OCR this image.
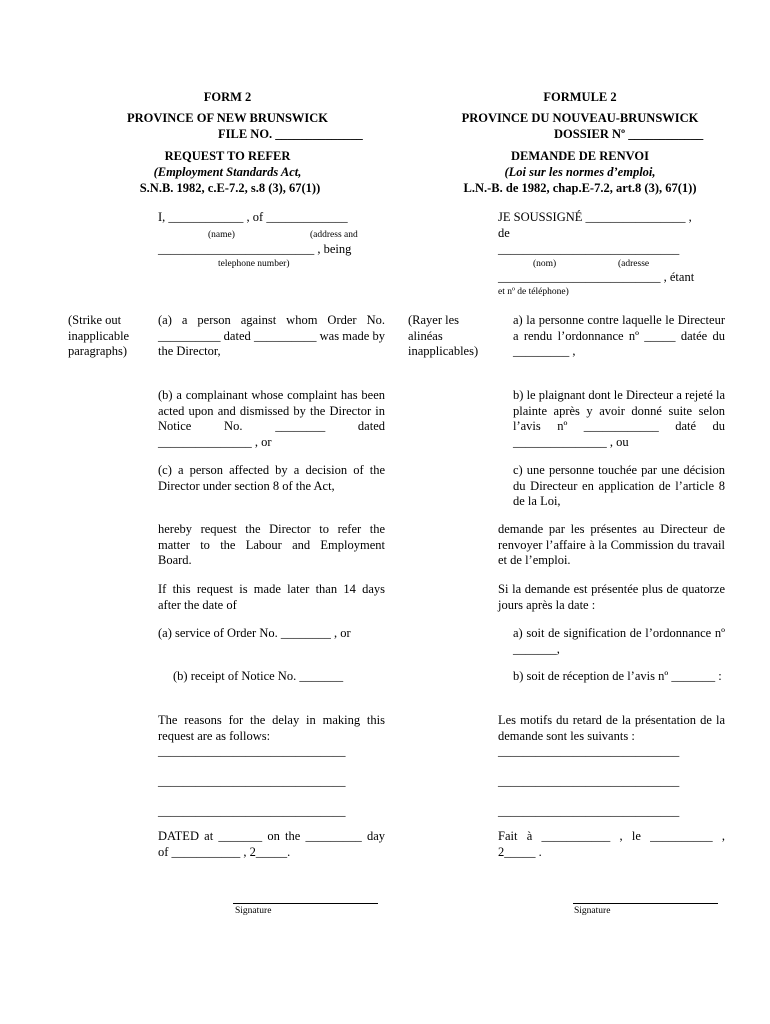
FORM 2
PROVINCE OF NEW BRUNSWICK
FILE NO. ______________
REQUEST TO REFER
(Employment Standards Act,
S.N.B. 1982, c.E-7.2, s.8 (3), 67(1))
I, ____________ , of _____________
(name)	(address and
_________________________ , being
telephone number)
(Strike out
inapplicable
paragraphs)
(a) a person against whom Order No. __________ dated __________ was made by the Director,
(b) a complainant whose complaint has been acted upon and dismissed by the Director in Notice No. ________ dated _______________ , or
(c) a person affected by a decision of the Director under section 8 of the Act,
hereby request the Director to refer the matter to the Labour and Employment Board.
If this request is made later than 14 days after the date of
(a) service of Order No. ________ , or
(b) receipt of Notice No. _______
The reasons for the delay in making this request are as follows:
______________________________
______________________________
______________________________
DATED at _______ on the _________ day of ___________ , 2_____.
Signature
FORMULE 2
PROVINCE DU NOUVEAU-BRUNSWICK
DOSSIER Nº ____________
DEMANDE DE RENVOI
(Loi sur les normes d’emploi,
L.N.-B. de 1982, chap.E-7.2, art.8 (3), 67(1))
JE SOUSSIGNÉ ________________ ,
de
_____________________________
(nom)	(adresse
__________________________ , étant
et nº de téléphone)
(Rayer les
alinéas
inapplicables)
a) la personne contre laquelle le Directeur a rendu l’ordonnance nº _____ datée du _________ ,
b) le plaignant dont le Directeur a rejeté la plainte après y avoir donné suite selon l’avis nº ____________ daté du _______________ , ou
c) une personne touchée par une décision du Directeur en application de l’article 8 de la Loi,
demande par les présentes au Directeur de renvoyer l’affaire à la Commission du travail et de l’emploi.
Si la demande est présentée plus de quatorze jours après la date :
a) soit de signification de l’ordonnance nº _______,
b) soit de réception de l’avis nº _______ :
Les motifs du retard de la présentation de la demande sont les suivants :
_____________________________
_____________________________
_____________________________
Fait à ___________ , le __________ , 2_____ .
Signature
